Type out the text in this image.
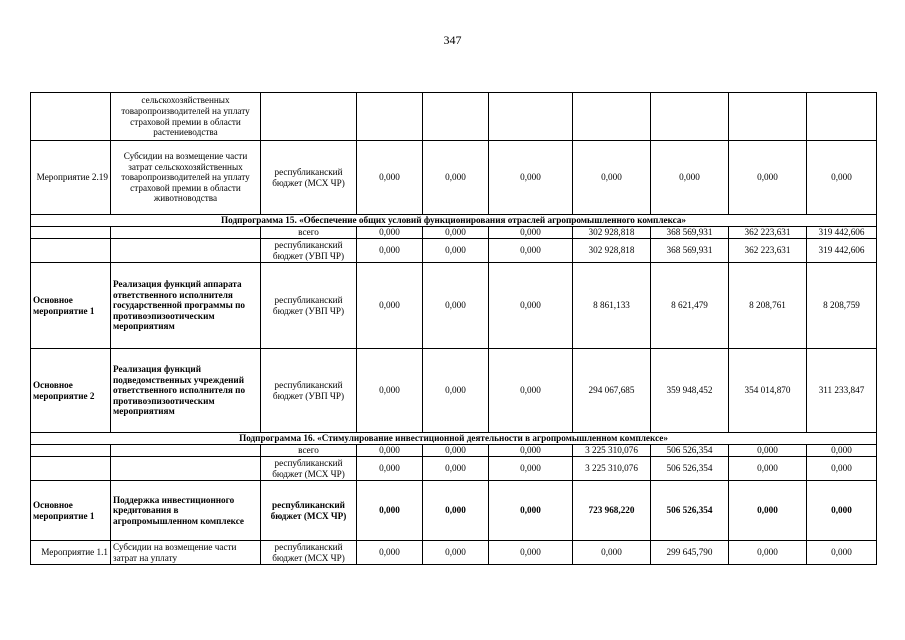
347
	сельскохозяйственных товаропроизводителей на уплату страховой премии в области растениеводства								
Мероприятие 2.19	Субсидии на возмещение части затрат сельскохозяйственных товаропроизводителей на уплату страховой премии в области животноводства	республиканский бюджет (МСХ ЧР)	0,000	0,000	0,000	0,000	0,000	0,000	0,000
Подпрограмма 15. «Обеспечение общих условий функционирования отраслей агропромышленного комплекса»									
		всего	0,000	0,000	0,000	302 928,818	368 569,931	362 223,631	319 442,606
		республиканский бюджет (УВП ЧР)	0,000	0,000	0,000	302 928,818	368 569,931	362 223,631	319 442,606
Основное мероприятие 1	Реализация функций аппарата ответственного исполнителя государственной программы по противоэпизоотическим мероприятиям	республиканский бюджет (УВП ЧР)	0,000	0,000	0,000	8 861,133	8 621,479	8 208,761	8 208,759
Основное мероприятие 2	Реализация функций подведомственных учреждений ответственного исполнителя по противоэпизоотическим мероприятиям	республиканский бюджет (УВП ЧР)	0,000	0,000	0,000	294 067,685	359 948,452	354 014,870	311 233,847
Подпрограмма 16. «Стимулирование инвестиционной деятельности в агропромышленном комплексе»									
		всего	0,000	0,000	0,000	3 225 310,076	506 526,354	0,000	0,000
		республиканский бюджет (МСХ ЧР)	0,000	0,000	0,000	3 225 310,076	506 526,354	0,000	0,000
Основное мероприятие 1	Поддержка инвестиционного кредитования в агропромышленном комплексе	республиканский бюджет (МСХ ЧР)	0,000	0,000	0,000	723 968,220	506 526,354	0,000	0,000
Мероприятие 1.1	Субсидии на возмещение части затрат на уплату	республиканский бюджет (МСХ ЧР)	0,000	0,000	0,000	0,000	299 645,790	0,000	0,000
